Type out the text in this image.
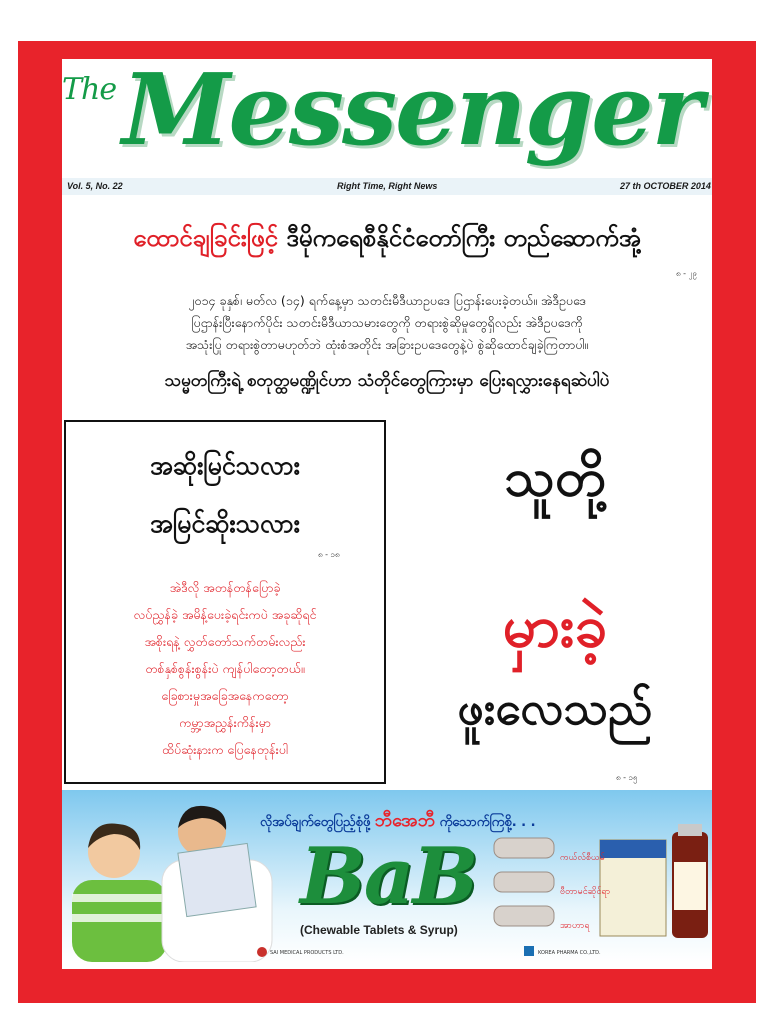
The Messenger
Vol. 5, No. 22	Right Time, Right News	27 th OCTOBER 2014
ထောင်ချခြင်းဖြင့် ဒီမိုကရေစီနိုင်ငံတော်ကြီး တည်ဆောက်အုံ့
၈ - ၂၉
၂၀၁၄ ခုနှစ်၊ မတ်လ (၁၄) ရက်နေ့မှာ သတင်းမီဒီယာဥပဒေ ပြဌာန်းပေးခဲ့တယ်။ အဲဒီဥပဒေ
ပြဌာန်းပြီးနောက်ပိုင်း သတင်းမီဒီယာသမားတွေကို တရားစွဲဆိုမှုတွေရှိလည်း အဲဒီဥပဒေကို
အသုံးပြု တရားစွဲတာမဟုတ်ဘဲ ထုံးစံအတိုင်း အခြားဥပဒေတွေနဲ့ပဲ စွဲဆိုထောင်ချခဲ့ကြတာပါ။
သမ္မတကြီးရဲ့ စတုတ္ထမဏ္ဍိုင်ဟာ သံတိုင်တွေကြားမှာ ပြေးရလွှားနေရဆဲပါပဲ
အဆိုးမြင်သလား
အမြင်ဆိုးသလား
၈ - ၁၈
အဲဒီလို အတန်တန်ပြောခဲ့
လပ်ညွှန်ခဲ့ အမိန့်ပေးခဲ့ရင်းကပဲ အခုဆိုရင်
အစိုးရနဲ့ လွှတ်တော်သက်တမ်းလည်း
တစ်နှစ်စွန်းစွန်းပဲ ကျန်ပါတော့တယ်။
ခြေစားမှုအခြေအနေကတော့
ကမ္ဘာ့အညွှန်းကိန်းမှာ
ထိပ်ဆုံးနားက ပြေနေတုန်းပါ
သူတို့
မှားခဲ့
ဖူးလေသည်
၈ - ၁၅
လိုအပ်ချက်တွေပြည့်စုံဖို့ ဘီအေဘီ ကိုသောက်ကြစို့. . .
BaB
(Chewable Tablets & Syrup)
ကယ်လ်စီယမ်
ဗီတာမင်ဆိုင်ရာ
အာဟာရ
SAI MEDICAL PRODUCTS LTD.	KOREA PHARMA CO.,LTD.
